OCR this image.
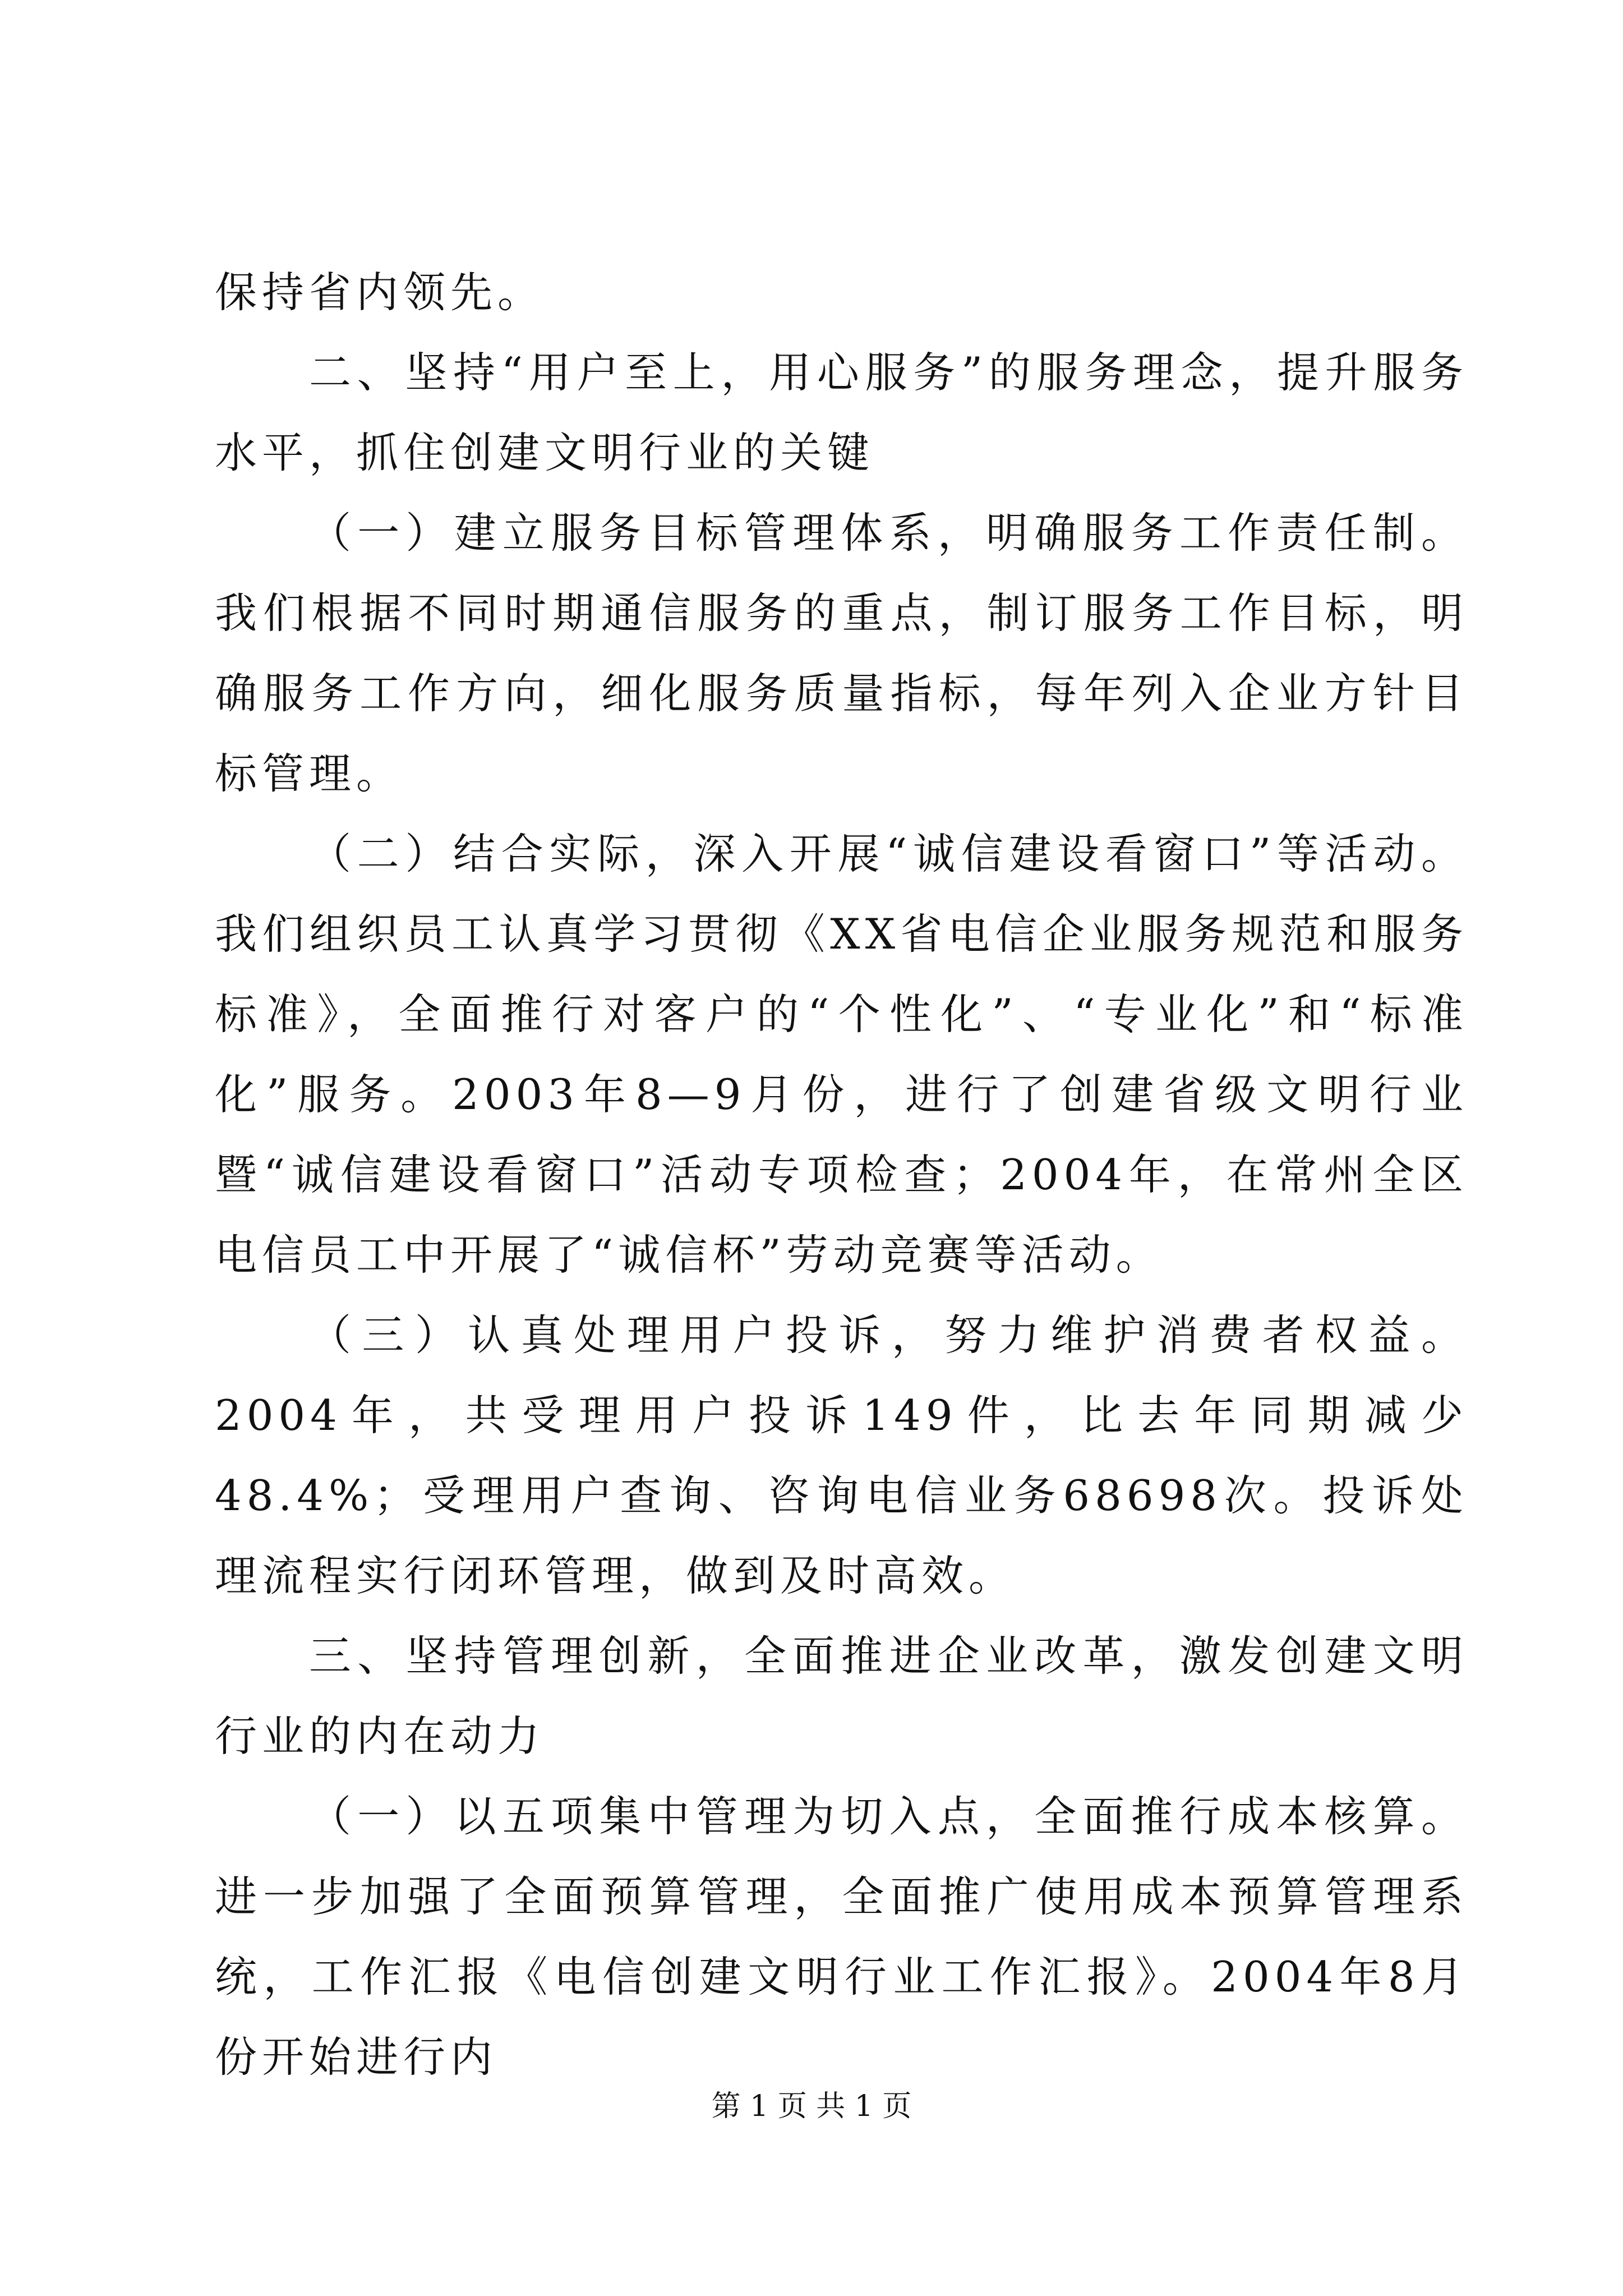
保持省内领先。

二、坚持“用户至上，用心服务”的服务理念，提升服务水平，抓住创建文明行业的关键

（一）建立服务目标管理体系，明确服务工作责任制。我们根据不同时期通信服务的重点，制订服务工作目标，明确服务工作方向，细化服务质量指标，每年列入企业方针目标管理。

（二）结合实际，深入开展“诚信建设看窗口”等活动。我们组织员工认真学习贯彻《XX省电信企业服务规范和服务标准》，全面推行对客户的“个性化”、“专业化”和“标准化”服务。2003年8—9月份，进行了创建省级文明行业暨“诚信建设看窗口”活动专项检查；2004年，在常州全区电信员工中开展了“诚信杯”劳动竞赛等活动。

（三）认真处理用户投诉，努力维护消费者权益。2004年，共受理用户投诉149件，比去年同期减少48.4%；受理用户查询、咨询电信业务68698次。投诉处理流程实行闭环管理，做到及时高效。

三、坚持管理创新，全面推进企业改革，激发创建文明行业的内在动力

（一）以五项集中管理为切入点，全面推行成本核算。进一步加强了全面预算管理，全面推广使用成本预算管理系统，工作汇报《电信创建文明行业工作汇报》。2004年8月份开始进行内

第 1 页 共 1 页
